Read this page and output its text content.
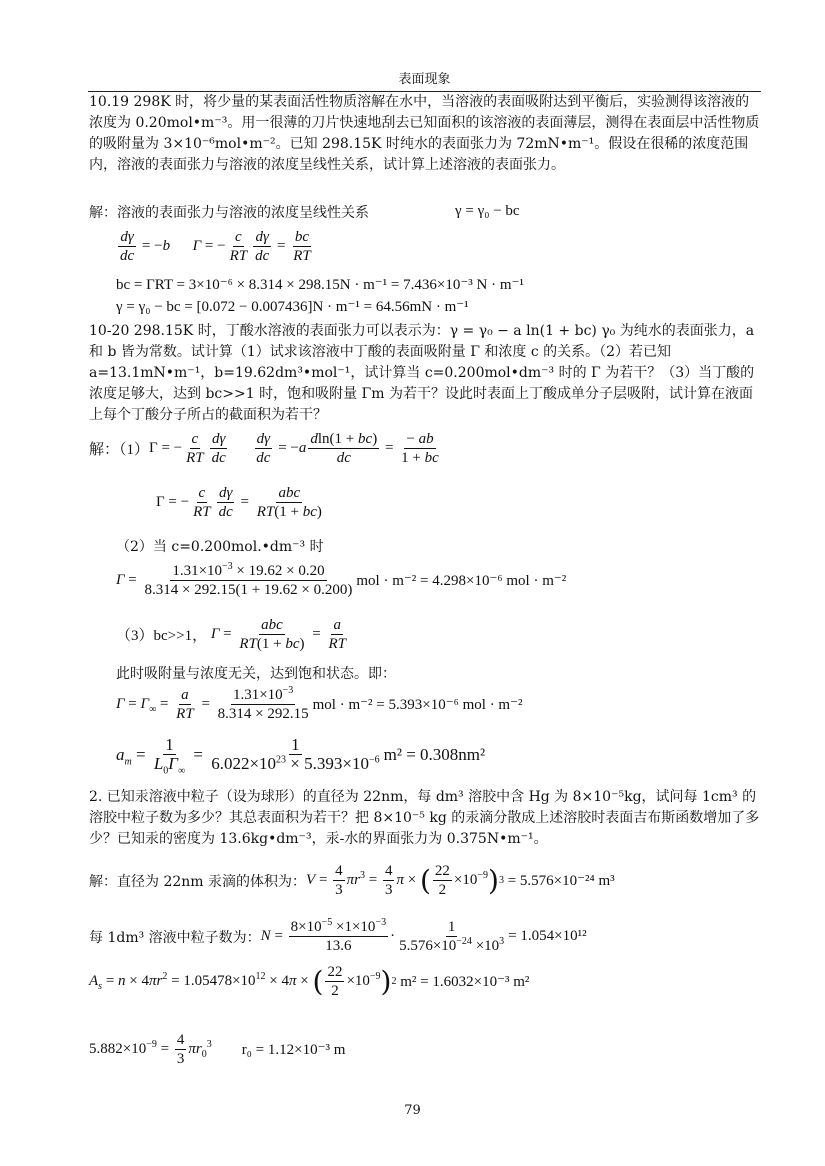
表面现象
10.19 298K 时，将少量的某表面活性物质溶解在水中，当溶液的表面吸附达到平衡后，实验测得该溶液的浓度为 0.20mol•m⁻³。用一很薄的刀片快速地刮去已知面积的该溶液的表面薄层，测得在表面层中活性物质的吸附量为 3×10⁻⁶mol•m⁻²。已知 298.15K 时纯水的表面张力为 72mN•m⁻¹。假设在很稀的浓度范围内，溶液的表面张力与溶液的浓度呈线性关系，试计算上述溶液的表面张力。
解：溶液的表面张力与溶液的浓度呈线性关系	γ = γ₀ − bc
$\frac{d\gamma}{dc} = -b$ Γ = − $\frac{c}{RT} \frac{d\gamma}{dc} = \frac{bc}{RT}$
bc = ΓRT = 3×10⁻⁶ × 8.314 × 298.15N · m⁻¹ = 7.436×10⁻³ N · m⁻¹
γ = γ₀ − bc = [0.072 − 0.007436]N · m⁻¹ = 64.56mN · m⁻¹
10-20 298.15K 时，丁酸水溶液的表面张力可以表示为：γ = γ₀ − a ln(1 + bc) γ₀ 为纯水的表面张力，a 和 b 皆为常数。试计算（1）试求该溶液中丁酸的表面吸附量 Γ 和浓度 c 的关系。（2）若已知 a=13.1mN•m⁻¹，b=19.62dm³•mol⁻¹，试计算当 c=0.200mol•dm⁻³ 时的 Γ 为若干？（3）当丁酸的浓度足够大，达到 bc>>1 时，饱和吸附量 Γm 为若干？设此时表面上丁酸成单分子层吸附，试计算在液面上每个丁酸分子所占的截面积为若干？
解：（1） Γ = − $\frac{c}{RT} \frac{d\gamma}{dc}$
$\frac{d\gamma}{dc} = -a \frac{dln(1 + bc)}{dc} = \frac{- ab}{1 + bc}$
Γ = − $\frac{c}{RT} \frac{d\gamma}{dc} = \frac{\text{abc}}{RT(1 + bc)}$
（2）当 c=0.200mol.•dm⁻³ 时
$\Gamma = \frac{1.31\times 10^{-3} \times 19.62 \times 0.20}{8.314 \times 292.15(1 + 19.62 \times 0.200)}$ mol · m⁻² = 4.298×10⁻⁶ mol · m⁻²
（3）bc>>1， $\Gamma = \frac{\text{abc}}{RT(1 + bc)} = \frac{a}{RT}$
此时吸附量与浓度无关，达到饱和状态。即：
$\Gamma = \Gamma_\infty = \frac{a}{RT} = \frac{1.31\times 10^{-3}}{8.314 \times 292.15}$ mol · m⁻² = 5.393×10⁻⁶ mol · m⁻²
$a_m = \frac{1}{L_0\Gamma_\infty} = \frac{1}{6.022\times 10^{23} \times 5.393\times 10^{-6}} m^2 = 0.308nm^2$
2. 已知汞溶液中粒子（设为球形）的直径为 22nm，每 dm³ 溶胶中含 Hg 为 8×10⁻⁵kg，试问每 1cm³ 的溶胶中粒子数为多少？其总表面积为若干？把 8×10⁻⁵ kg 的汞滴分散成上述溶胶时表面吉布斯函数增加了多少？已知汞的密度为 13.6kg•dm⁻³，汞-水的界面张力为 0.375N•m⁻¹。
解：直径为 22nm 汞滴的体积为： $V = \frac{4}{3} \pi r^3 = \frac{4}{3}$ π × ( $\frac{22}{2} \times 10^{-9}$ ) 3
= 5.576×10⁻²⁴ m³
每 1dm³ 溶液中粒子数为： $N = \frac{8\times 10^{-5} \times 1\times 10^{-3}}{13.6} \cdot \frac{1}{5.576\times 10^{-24} \times 10^3} = 1.054\times 10^{12}$
$A_s = n \times 4\pi r^2 = 1.05478\times 10^{12} \times 4\pi$ × ( $\frac{22}{2} \times 10^{-9}$ ) 2
m² = 1.6032×10⁻³ m²
$5.882\times 10^{-9} = \frac{4}{3} \pi r_0^3$	r₀ = 1.12×10⁻³ m
79
